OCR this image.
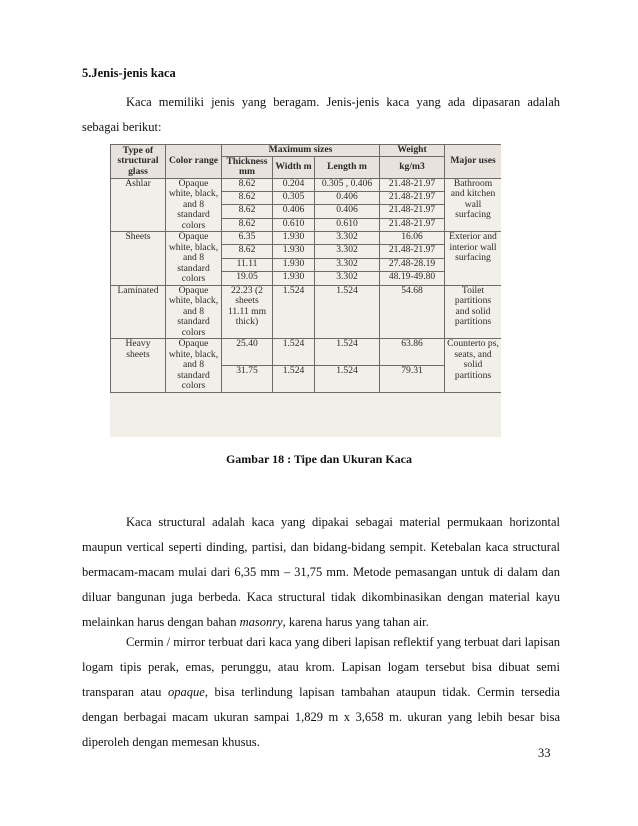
5.Jenis-jenis kaca
Kaca memiliki jenis yang beragam. Jenis-jenis kaca yang ada dipasaran adalah sebagai berikut:
Type of structural glass	Color range	Maximum sizes			Weight	Major uses
		Thickness mm	Width m	Length m	kg/m3	
Ashlar	Opaque white, black, and 8 standard colors	8.62	0.204	0.305 , 0.406	21.48-21.97	Bathroom and kitchen wall surfacing
		8.62	0.305	0.406	21.48-21.97	
		8.62	0.406	0.406	21.48-21.97	
		8.62	0.610	0.610	21.48-21.97	
Sheets	Opaque white, black, and 8 standard colors	6.35	1.930	3.302	16.06	Exterior and interior wall surfacing
		8.62	1.930	3.302	21.48-21.97	
		11.11	1.930	3.302	27.48-28.19	
		19.05	1.930	3.302	48.19-49.80	
Laminated	Opaque white, black, and 8 standard colors	22.23 (2 sheets 11.11 mm thick)	1.524	1.524	54.68	Toilet partitions and solid partitions
Heavy sheets	Opaque white, black, and 8 standard colors	25.40	1.524	1.524	63.86	Counterto ps, seats, and solid partitions
		31.75	1.524	1.524	79.31	
Gambar 18 : Tipe dan Ukuran Kaca
Kaca structural adalah kaca yang dipakai sebagai material permukaan horizontal maupun vertical seperti dinding, partisi, dan bidang-bidang sempit. Ketebalan kaca structural bermacam-macam mulai dari 6,35 mm – 31,75 mm. Metode pemasangan untuk di dalam dan diluar bangunan juga berbeda. Kaca structural tidak dikombinasikan dengan material kayu melainkan harus dengan bahan masonry, karena harus yang tahan air.
Cermin / mirror terbuat dari kaca yang diberi lapisan reflektif yang terbuat dari lapisan logam tipis perak, emas, perunggu, atau krom. Lapisan logam tersebut bisa dibuat semi transparan atau opaque, bisa terlindung lapisan tambahan ataupun tidak. Cermin tersedia dengan berbagai macam ukuran sampai 1,829 m x 3,658 m. ukuran yang lebih besar bisa diperoleh dengan memesan khusus.
33
